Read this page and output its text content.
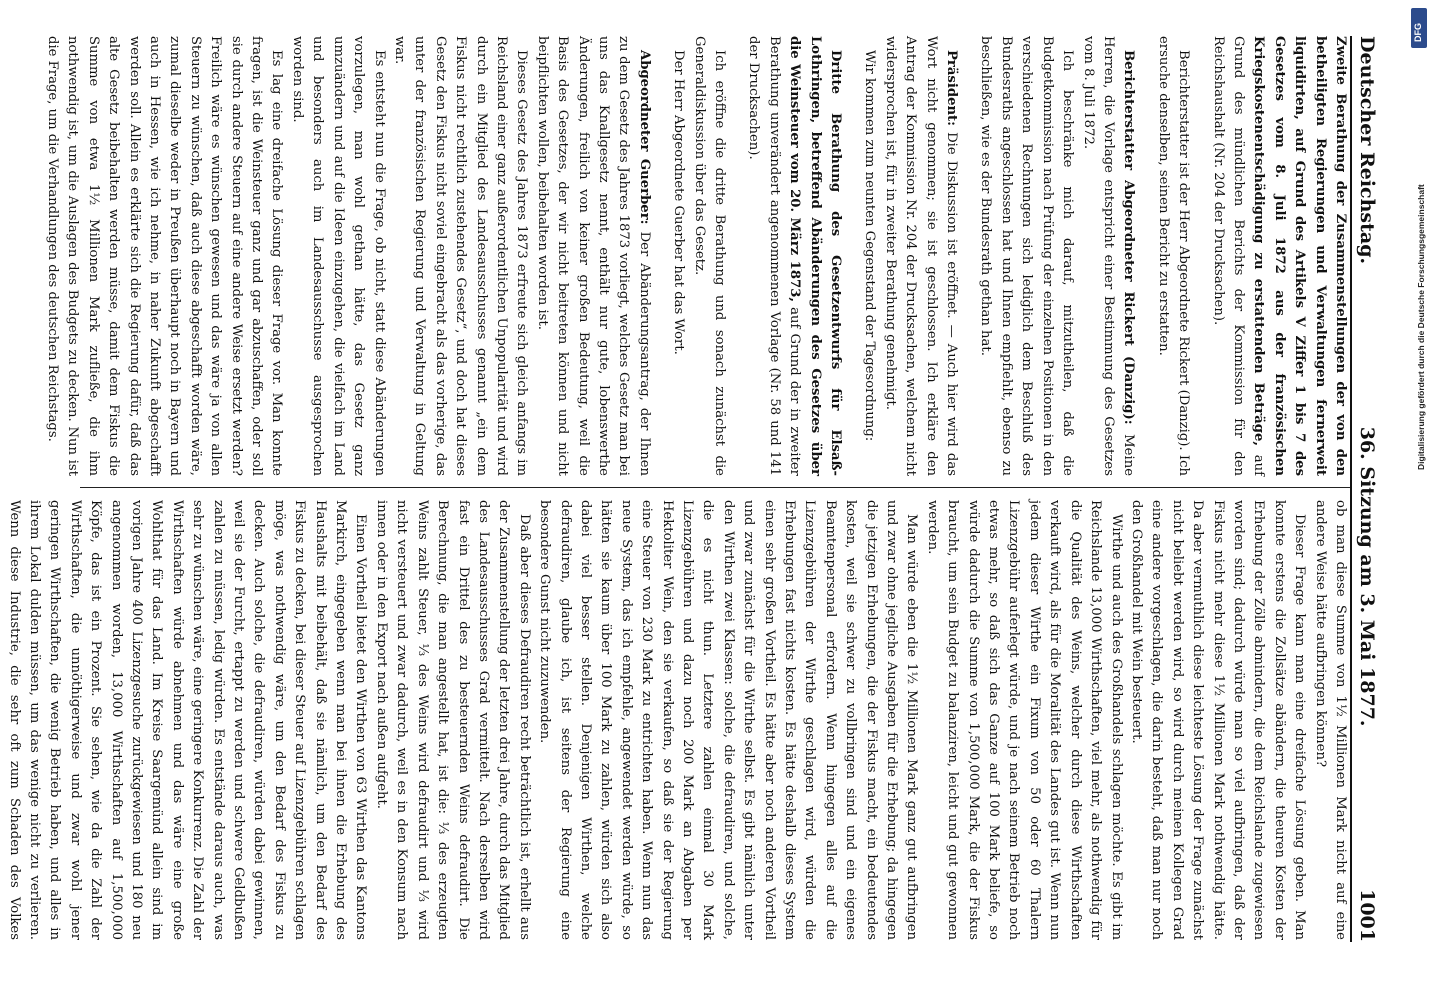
Deutscher Reichstag.
36. Sitzung am 3. Mai 1877.
1001

Zweite Berathung der Zusammenstellungen der von den betheiligten Regierungen und Verwaltungen fernerweit liquidirten, auf Grund des Artikels V Ziffer 1 bis 7 des Gesetzes vom 8. Juli 1872 aus der französischen Kriegskostenentschädigung zu erstattenden Beträge, auf Grund des mündlichen Berichts der Kommission für den Reichshaushalt (Nr. 204 der Drucksachen).

Berichterstatter ist der Herr Abgeordnete Rickert (Danzig). Ich ersuche denselben, seinen Bericht zu erstatten.

Berichterstatter Abgeordneter Rickert (Danzig): Meine Herren, die Vorlage entspricht einer Bestimmung des Gesetzes vom 8. Juli 1872.

Ich beschränke mich darauf, mitzutheilen, daß die Budgetkommission nach Prüfung der einzelnen Positionen in den verschiedenen Rechnungen sich lediglich dem Beschluß des Bundesraths angeschlossen hat und Ihnen empfiehlt, ebenso zu beschließen, wie es der Bundesrath gethan hat.

Präsident: Die Diskussion ist eröffnet. — Auch hier wird das Wort nicht genommen; sie ist geschlossen. Ich erkläre den Antrag der Kommission Nr. 204 der Drucksachen, welchem nicht widersprochen ist, für in zweiter Berathung genehmigt.

Wir kommen zum neunten Gegenstand der Tagesordnung:

Dritte Berathung des Gesetzentwurfs für Elsaß-Lothringen, betreffend Abänderungen des Gesetzes über die Weinsteuer vom 20. März 1873, auf Grund der in zweiter Berathung unverändert angenommenen Vorlage (Nr. 58 und 141 der Drucksachen).

Ich eröffne die dritte Berathung und sonach zunächst die Generaldiskussion über das Gesetz.

Der Herr Abgeordnete Guerber hat das Wort.

Abgeordneter Guerber: Der Abänderungsantrag, der Ihnen zu dem Gesetz des Jahres 1873 vorliegt, welches Gesetz man bei uns das Knallgesetz nennt, enthält nur gute, lobenswerthe Änderungen, freilich von keiner großen Bedeutung, weil die Basis des Gesetzes, der wir nicht beitreten können und nicht beipflichten wollen, beibehalten worden ist.

Dieses Gesetz des Jahres 1873 erfreute sich gleich anfangs im Reichsland einer ganz außerordentlichen Unpopularität und wird durch ein Mitglied des Landesausschusses genannt „ein dem Fiskus nicht rechtlich zustehendes Gesetz“, und doch hat dieses Gesetz den Fiskus nicht soviel eingebracht als das vorherige, das unter der französischen Regierung und Verwaltung in Geltung war.

Es entsteht nun die Frage, ob nicht, statt diese Abänderungen vorzulegen, man wohl gethan hätte, das Gesetz ganz umzuändern und auf die Ideen einzugehen, die vielfach im Land und besonders auch im Landesausschusse ausgesprochen worden sind.

Es lag eine dreifache Lösung dieser Frage vor. Man konnte fragen, ist die Weinsteuer ganz und gar abzuschaffen, oder soll sie durch andere Steuern auf eine andere Weise ersetzt werden? Freilich wäre es wünschen gewesen und das wäre ja von allen Steuern zu wünschen, daß auch diese abgeschafft worden wäre, zumal dieselbe weder in Preußen überhaupt noch in Bayern und auch in Hessen, wie ich nehme, in naher Zukunft abgeschafft werden soll. Allein es erklärte sich die Regierung dafür, daß das alte Gesetz beibehalten werden müsse, damit dem Fiskus die Summe von etwa 1½ Millionen Mark zufließe, die ihm nothwendig ist, um die Auslagen des Budgets zu decken. Nun ist die Frage, um die Verhandlungen des deutschen Reichstags.

ob man diese Summe von 1½ Millionen Mark nicht auf eine andere Weise hätte aufbringen können?

Dieser Frage kann man eine dreifache Lösung geben. Man konnte erstens die Zollsätze abändern, die theuren Kosten der Erhebung der Zölle abmindern, die dem Reichslande zugewiesen worden sind; dadurch würde man so viel aufbringen, daß der Fiskus nicht mehr diese 1½ Millionen Mark nothwendig hätte. Da aber vermuthlich diese leichteste Lösung der Frage zunächst nicht beliebt werden wird, so wird durch meinen Kollegen Grad eine andere vorgeschlagen, die darin besteht, daß man nur noch den Großhandel mit Wein besteuert.

Wirthe und auch des Großhandels schlagen möchte. Es gibt im Reichslande 13,000 Wirthschaften, viel mehr, als nothwendig für die Qualität des Weins, welcher durch diese Wirthschaften verkauft wird, als für die Moralität des Landes gut ist. Wenn nun jedem dieser Wirthe ein Fixum von 50 oder 60 Thalern Lizenzgebühr auferlegt würde, und je nach seinem Betrieb noch etwas mehr, so daß sich das Ganze auf 100 Mark beliefe, so würde dadurch die Summe von 1,500,000 Mark, die der Fiskus braucht, um sein Budget zu balanziren, leicht und gut gewonnen werden.

Man würde eben die 1½ Millionen Mark ganz gut aufbringen und zwar ohne jegliche Ausgaben für die Erhebung; da hingegen die jetzigen Erhebungen, die der Fiskus macht, ein bedeutendes kosten, weil sie schwer zu vollbringen sind und ein eigenes Beamtenpersonal erfordern. Wenn hingegen alles auf die Lizenzgebühren der Wirthe geschlagen wird, würden die Erhebungen fast nichts kosten. Es hätte deshalb dieses System einen sehr großen Vortheil. Es hätte aber noch anderen Vortheil und zwar zunächst für die Wirthe selbst. Es gibt nämlich unter den Wirthen zwei Klassen: solche, die defraudiren, und solche, die es nicht thun. Letztere zahlen einmal 30 Mark Lizenzgebühren und dazu noch 200 Mark an Abgaben per Hektoliter Wein, den sie verkaufen, so daß sie der Regierung eine Steuer von 230 Mark zu entrichten haben. Wenn nun das neue System, das ich empfehle, angewendet werden würde, so hätten sie kaum über 100 Mark zu zahlen, würden sich also dabei viel besser stellen. Denjenigen Wirthen, welche defraudiren, glaube ich, ist seitens der Regierung eine besondere Gunst nicht zuzuwenden.

Daß aber dieses Defraudiren recht beträchtlich ist, erhellt aus der Zusammenstellung der letzten drei Jahre, durch das Mitglied des Landesausschusses Grad vermittelt. Nach derselben wird fast ein Drittel des zu besteuernden Weins defraudirt. Die Berechnung, die man angestellt hat, ist die: ⅓ des erzeugten Weins zahlt Steuer, ⅓ des Weins wird defraudirt und ⅓ wird nicht versteuert und zwar dadurch, weil es in den Konsum nach innen oder in den Export nach außen aufgeht.

Einen Vortheil bietet den Wirthen von 63 Wirthen das Kantons Markirch, eingegeben wenn man bei ihnen die Erhebung des Haushalts mit beibehält, daß sie nämlich, um den Bedarf des Fiskus zu decken, bei dieser Steuer auf Lizenzgebühren schlagen möge, was nothwendig wäre, um den Bedarf des Fiskus zu decken. Auch solche, die defraudiren, würden dabei gewinnen, weil sie der Furcht, ertappt zu werden und schwere Geldbußen zahlen zu müssen, ledig würden. Es entstände daraus auch, was sehr zu wünschen wäre, eine geringere Konkurrenz. Die Zahl der Wirthschaften würde abnehmen und das wäre eine große Wohlthat für das Land. Im Kreise Saargemünd allein sind im vorigen Jahre 400 Lizenzgesuche zurückgewiesen und 180 neu angenommen worden, 13,000 Wirthschaften auf 1,500,000 Köpfe, das ist ein Prozent. Sie sehen, wie da die Zahl der Wirthschaften, die unnöthigerweise und zwar wohl jener geringen Wirthschaften, die wenig Betrieb haben, und alles in ihrem Lokal dulden müssen, um das wenige nicht zu verlieren. Wenn diese Industrie, die sehr oft zum Schaden des Volkes

Digitalisierung gefördert durch die Deutsche Forschungsgemeinschaft
DFG
